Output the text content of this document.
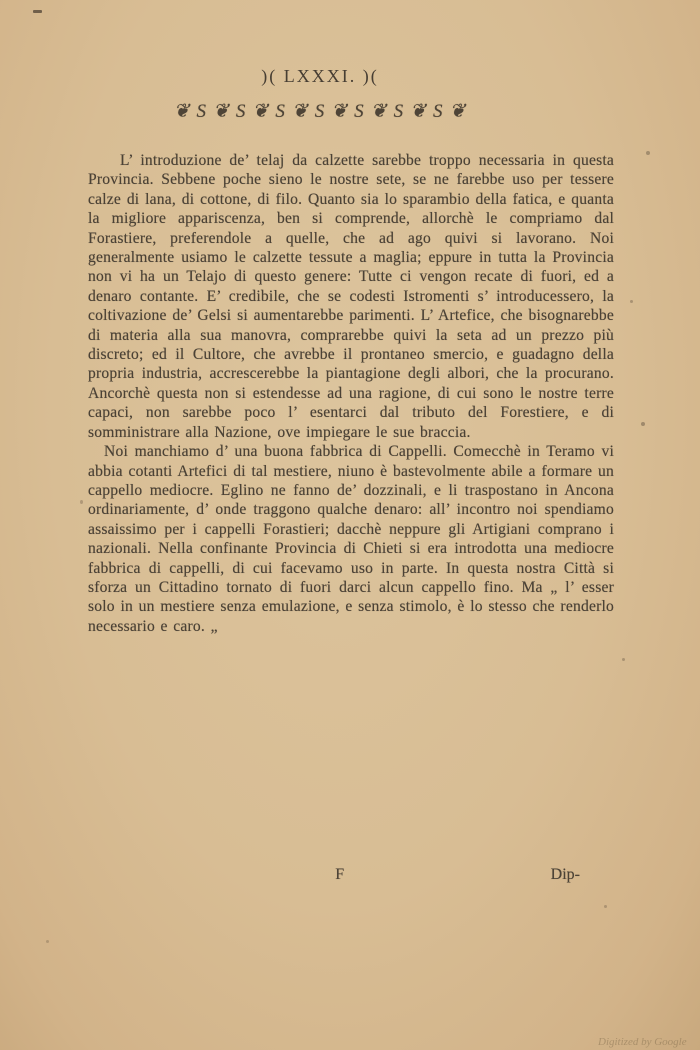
)( LXXXI. )(
❦S❦S❦S❦S❦S❦S❦S❦

L’ introduzione de’ telaj da calzette sarebbe troppo necessaria in questa Provincia. Sebbene poche sieno le nostre sete, se ne farebbe uso per tessere calze di lana, di cottone, di filo. Quanto sia lo sparambio della fatica, e quanta la migliore appariscenza, ben si comprende, allorchè le compriamo dal Forastiere, preferendole a quelle, che ad ago quivi si lavorano. Noi generalmente usiamo le calzette tessute a maglia; eppure in tutta la Provincia non vi ha un Telajo di questo genere: Tutte ci vengon recate di fuori, ed a denaro contante. E’ credibile, che se codesti Istromenti s’ introducessero, la coltivazione de’ Gelsi si aumentarebbe parimenti. L’ Artefice, che bisognarebbe di materia alla sua manovra, comprarebbe quivi la seta ad un prezzo più discreto; ed il Cultore, che avrebbe il prontaneo smercio, e guadagno della propria industria, accrescerebbe la piantagione degli albori, che la procurano. Ancorchè questa non si estendesse ad una ragione, di cui sono le nostre terre capaci, non sarebbe poco l’ esentarci dal tributo del Forestiere, e di somministrare alla Nazione, ove impiegare le sue braccia.

Noi manchiamo d’ una buona fabbrica di Cappelli. Comecchè in Teramo vi abbia cotanti Artefici di tal mestiere, niuno è bastevolmente abile a formare un cappello mediocre. Eglino ne fanno de’ dozzinali, e li traspostano in Ancona ordinariamente, d’ onde traggono qualche denaro: all’ incontro noi spendiamo assaissimo per i cappelli Forastieri; dacchè neppure gli Artigiani comprano i nazionali. Nella confinante Provincia di Chieti si era introdotta una mediocre fabbrica di cappelli, di cui facevamo uso in parte. In questa nostra Città si sforza un Cittadino tornato di fuori darci alcun cappello fino. Ma „ l’ esser solo in un mestiere senza emulazione, e senza stimolo, è lo stesso che renderlo necessario e caro. „

F	Dip-
Digitized by Google
